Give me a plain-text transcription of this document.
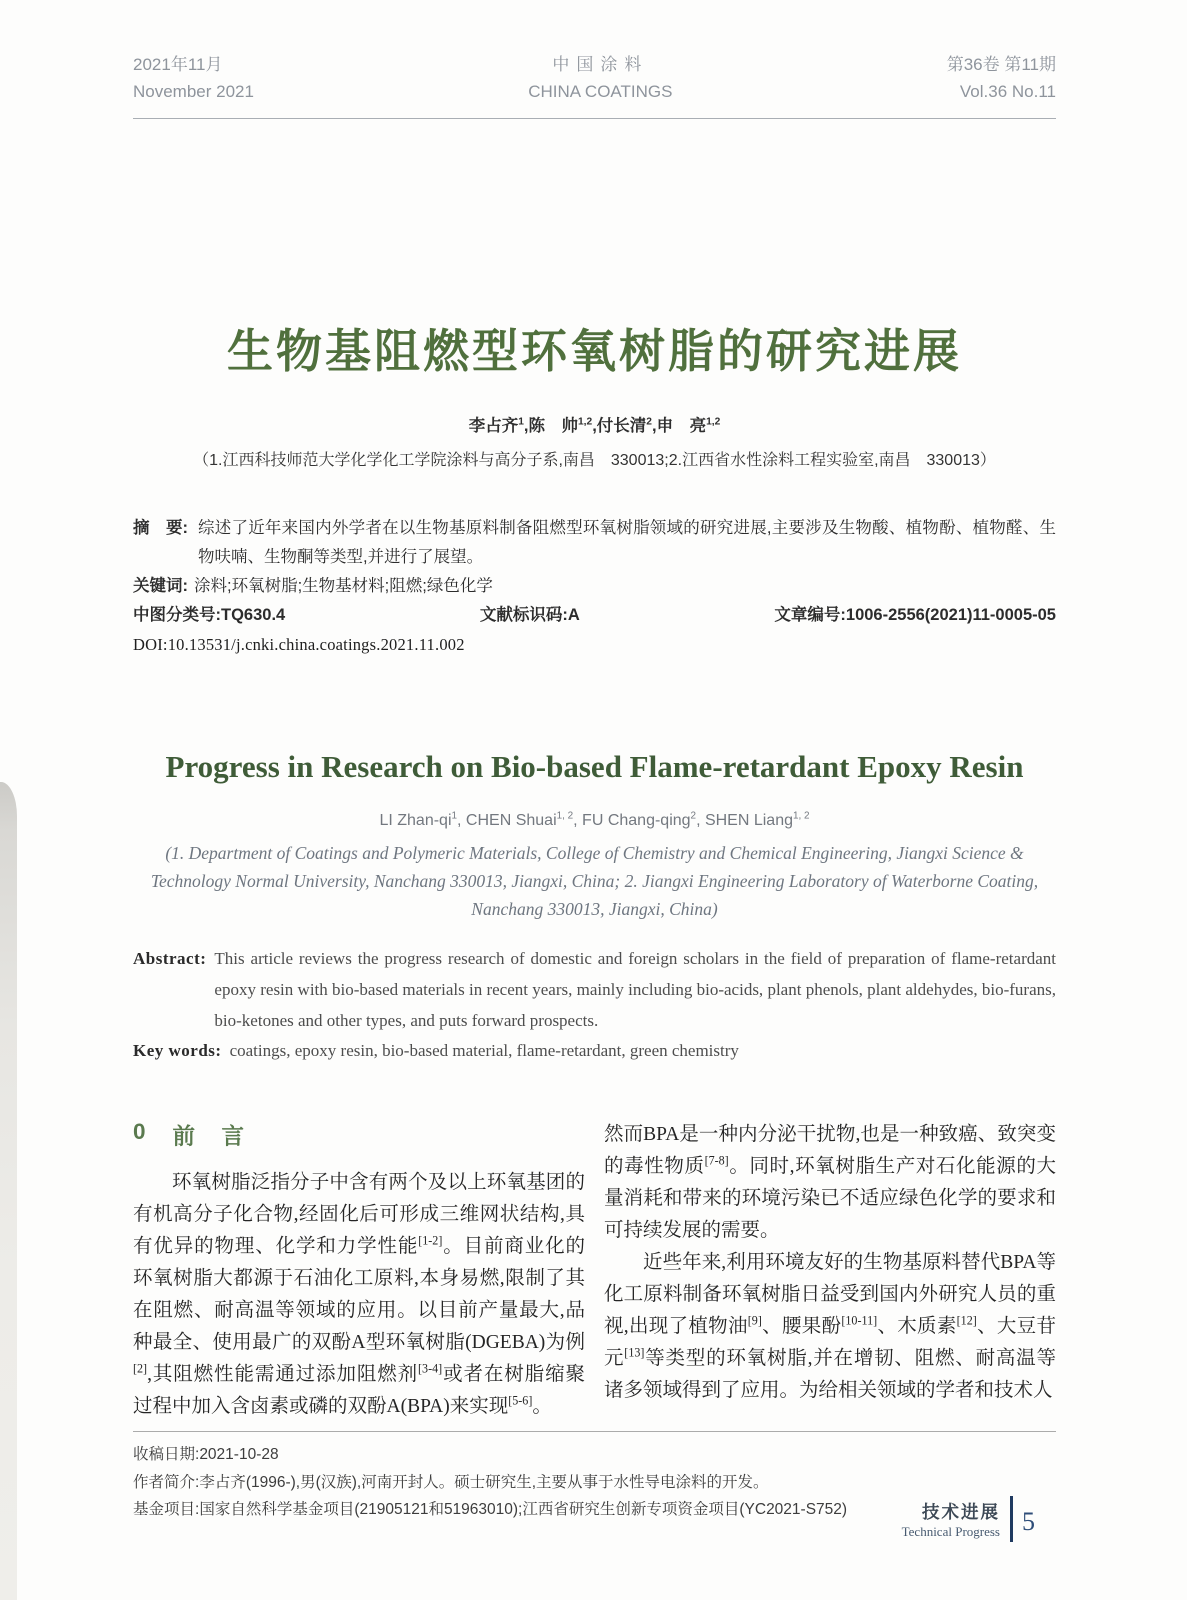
2021年11月
November 2021
中国涂料
CHINA COATINGS
第36卷 第11期
Vol.36 No.11
生物基阻燃型环氧树脂的研究进展
李占齐$^1$,陈　帅$^{1,2}$,付长清$^2$,申　亮$^{1,2}$
（1.江西科技师范大学化学化工学院涂料与高分子系,南昌　330013;2.江西省水性涂料工程实验室,南昌　330013）
摘　要: 综述了近年来国内外学者在以生物基原料制备阻燃型环氧树脂领域的研究进展,主要涉及生物酸、植物酚、植物醛、生物呋喃、生物酮等类型,并进行了展望。
关键词: 涂料;环氧树脂;生物基材料;阻燃;绿色化学
中图分类号:TQ630.4	文献标识码:A	文章编号:1006-2556(2021)11-0005-05
DOI:10.13531/j.cnki.china.coatings.2021.11.002
Progress in Research on Bio-based Flame-retardant Epoxy Resin
LI Zhan-$qi^1$, CHEN Shuai$^{1, 2}$, FU Chang-qing$^2$, SHEN Liang$^{1, 2}$
(1. Department of Coatings and Polymeric Materials, College of Chemistry and Chemical Engineering, Jiangxi Science & Technology Normal University, Nanchang 330013, Jiangxi, China; 2. Jiangxi Engineering Laboratory of Waterborne Coating, Nanchang 330013, Jiangxi, China)
Abstract: This article reviews the progress research of domestic and foreign scholars in the field of preparation of flame-retardant epoxy resin with bio-based materials in recent years, mainly including bio-acids, plant phenols, plant aldehydes, bio-furans, bio-ketones and other types, and puts forward prospects.
Key words: coatings, epoxy resin, bio-based material, flame-retardant, green chemistry
0 前　言

环氧树脂泛指分子中含有两个及以上环氧基团的有机高分子化合物,经固化后可形成三维网状结构,具有优异的物理、化学和力学性能[1-2]。目前商业化的环氧树脂大都源于石油化工原料,本身易燃,限制了其在阻燃、耐高温等领域的应用。以目前产量最大,品种最全、使用最广的双酚A型环氧树脂(DGEBA)为例[2],其阻燃性能需通过添加阻燃剂[3-4]或者在树脂缩聚过程中加入含卤素或磷的双酚A(BPA)来实现[5-6]。

然而BPA是一种内分泌干扰物,也是一种致癌、致突变的毒性物质[7-8]。同时,环氧树脂生产对石化能源的大量消耗和带来的环境污染已不适应绿色化学的要求和可持续发展的需要。

近些年来,利用环境友好的生物基原料替代BPA等化工原料制备环氧树脂日益受到国内外研究人员的重视,出现了植物油[9]、腰果酚[10-11]、木质素[12]、大豆苷元[13]等类型的环氧树脂,并在增韧、阻燃、耐高温等诸多领域得到了应用。为给相关领域的学者和技术人

收稿日期:2021-10-28
作者简介:李占齐(1996-),男(汉族),河南开封人。硕士研究生,主要从事于水性导电涂料的开发。
基金项目:国家自然科学基金项目(21905121和51963010);江西省研究生创新专项资金项目(YC2021-S752)	技术进展
Technical Progress 5
